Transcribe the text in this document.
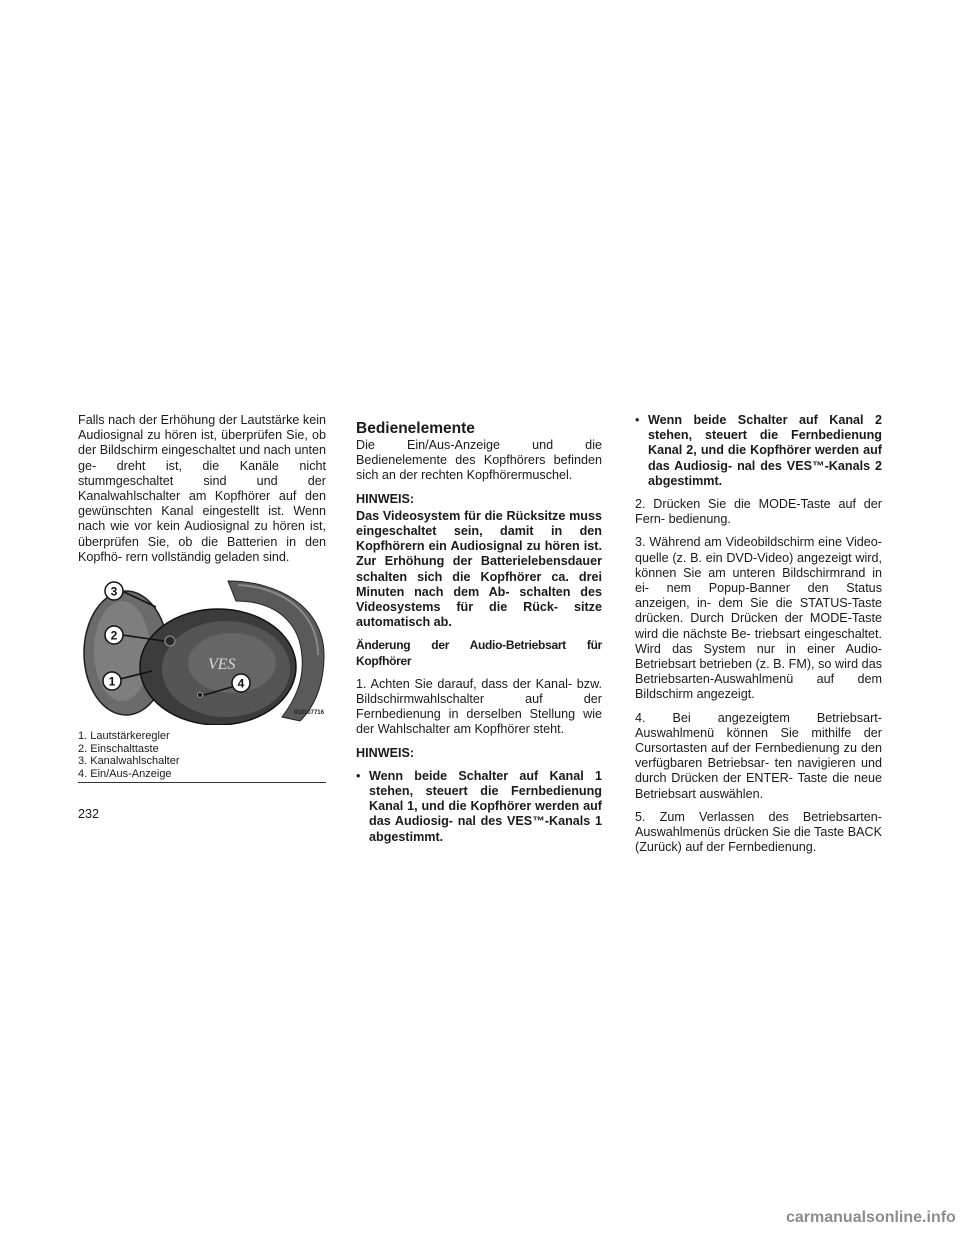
Falls nach der Erhöhung der Lautstärke kein Audiosignal zu hören ist, überprüfen Sie, ob der Bildschirm eingeschaltet und nach unten ge- dreht ist, die Kanäle nicht stummgeschaltet sind und der Kanalwahlschalter am Kopfhörer auf den gewünschten Kanal eingestellt ist. Wenn nach wie vor kein Audiosignal zu hören ist, überprüfen Sie, ob die Batterien in den Kopfhö- rern vollständig geladen sind.

VES
3
2
1	4
010107716
1. Lautstärkeregler
2. Einschalttaste
3. Kanalwahlschalter
4. Ein/Aus-Anzeige
Bedienelemente

Die Ein/Aus-Anzeige und die Bedienelemente des Kopfhörers befinden sich an der rechten Kopfhörermuschel.

HINWEIS:

Das Videosystem für die Rücksitze muss eingeschaltet sein, damit in den Kopfhörern ein Audiosignal zu hören ist. Zur Erhöhung der Batterielebensdauer schalten sich die Kopfhörer ca. drei Minuten nach dem Ab- schalten des Videosystems für die Rück- sitze automatisch ab.

Änderung der Audio-Betriebsart für Kopfhörer

1. Achten Sie darauf, dass der Kanal- bzw. Bildschirmwahlschalter auf der Fernbedienung in derselben Stellung wie der Wahlschalter am Kopfhörer steht.

HINWEIS:

• Wenn beide Schalter auf Kanal 1 stehen, steuert die Fernbedienung Kanal 1, und die Kopfhörer werden auf das Audiosig- nal des VES™-Kanals 1 abgestimmt.
• Wenn beide Schalter auf Kanal 2 stehen, steuert die Fernbedienung Kanal 2, und die Kopfhörer werden auf das Audiosig- nal des VES™-Kanals 2 abgestimmt.

2. Drücken Sie die MODE-Taste auf der Fern- bedienung.

3. Während am Videobildschirm eine Video- quelle (z. B. ein DVD-Video) angezeigt wird, können Sie am unteren Bildschirmrand in ei- nem Popup-Banner den Status anzeigen, in- dem Sie die STATUS-Taste drücken. Durch Drücken der MODE-Taste wird die nächste Be- triebsart eingeschaltet. Wird das System nur in einer Audio-Betriebsart betrieben (z. B. FM), so wird das Betriebsarten-Auswahlmenü auf dem Bildschirm angezeigt.

4. Bei angezeigtem Betriebsart-Auswahlmenü können Sie mithilfe der Cursortasten auf der Fernbedienung zu den verfügbaren Betriebsar- ten navigieren und durch Drücken der ENTER- Taste die neue Betriebsart auswählen.

5. Zum Verlassen des Betriebsarten- Auswahlmenüs drücken Sie die Taste BACK (Zurück) auf der Fernbedienung.

232
carmanualsonline.info
